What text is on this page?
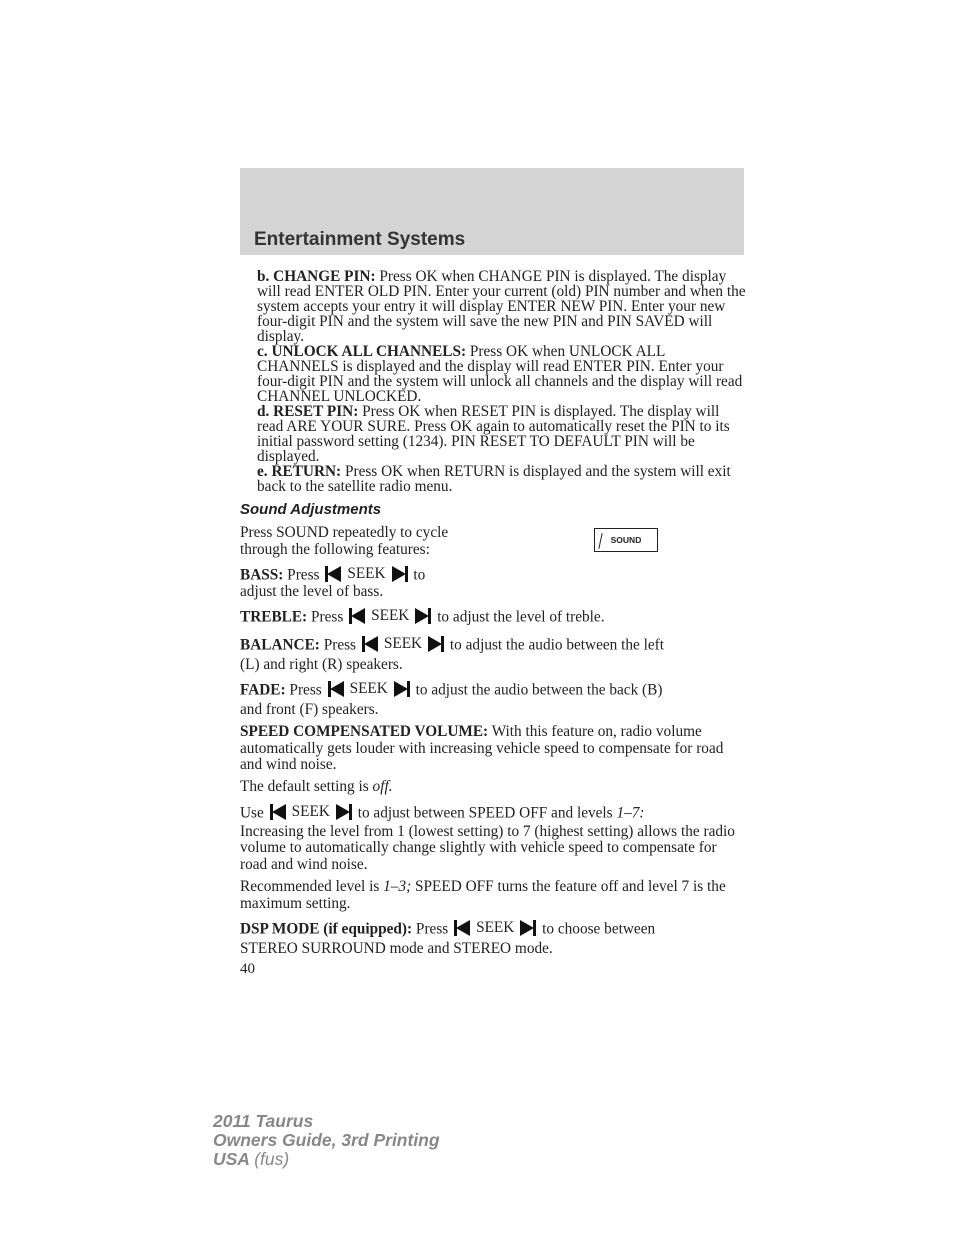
Entertainment Systems
b. CHANGE PIN: Press OK when CHANGE PIN is displayed. The display will read ENTER OLD PIN. Enter your current (old) PIN number and when the system accepts your entry it will display ENTER NEW PIN. Enter your new four-digit PIN and the system will save the new PIN and PIN SAVED will display.
c. UNLOCK ALL CHANNELS: Press OK when UNLOCK ALL CHANNELS is displayed and the display will read ENTER PIN. Enter your four-digit PIN and the system will unlock all channels and the display will read CHANNEL UNLOCKED.
d. RESET PIN: Press OK when RESET PIN is displayed. The display will read ARE YOUR SURE. Press OK again to automatically reset the PIN to its initial password setting (1234). PIN RESET TO DEFAULT PIN will be displayed.
e. RETURN: Press OK when RETURN is displayed and the system will exit back to the satellite radio menu.
Sound Adjustments
Press SOUND repeatedly to cycle through the following features:
SOUND
BASS: Press SEEK to
adjust the level of bass.
TREBLE: Press SEEK to adjust the level of treble.
BALANCE: Press SEEK to adjust the audio between the left
(L) and right (R) speakers.
FADE: Press SEEK to adjust the audio between the back (B)
and front (F) speakers.
SPEED COMPENSATED VOLUME: With this feature on, radio volume automatically gets louder with increasing vehicle speed to compensate for road and wind noise.
The default setting is off.
Use SEEK to adjust between SPEED OFF and levels 1–7:
Increasing the level from 1 (lowest setting) to 7 (highest setting) allows the radio volume to automatically change slightly with vehicle speed to compensate for road and wind noise.
Recommended level is 1–3; SPEED OFF turns the feature off and level 7 is the maximum setting.
DSP MODE (if equipped): Press SEEK to choose between
STEREO SURROUND mode and STEREO mode.
40
2011 Taurus
Owners Guide, 3rd Printing
USA (fus)
